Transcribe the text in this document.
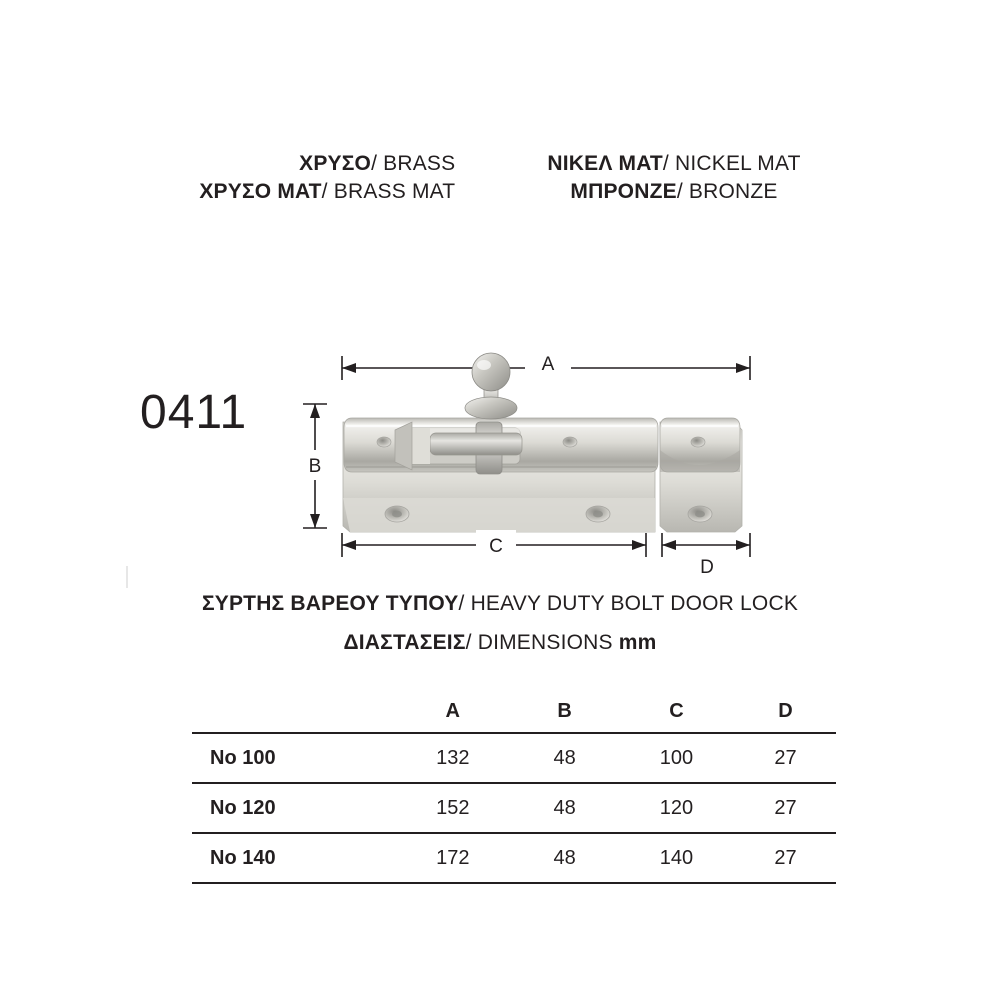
ΧΡΥΣΟ/ BRASS
ΧΡΥΣΟ ΜΑΤ/ BRASS MAT
ΝΙΚΕΛ ΜΑΤ/ NICKEL MAT
ΜΠΡΟΝΖΕ/ BRONZE
0411
A
B
C
D
ΣΥΡΤΗΣ ΒΑΡΕΟΥ ΤΥΠΟΥ/ HEAVY DUTY BOLT DOOR LOCK
ΔΙΑΣΤΑΣΕΙΣ/ DIMENSIONS mm
	A	B	C	D
No 100	132	48	100	27
No 120	152	48	120	27
No 140	172	48	140	27
